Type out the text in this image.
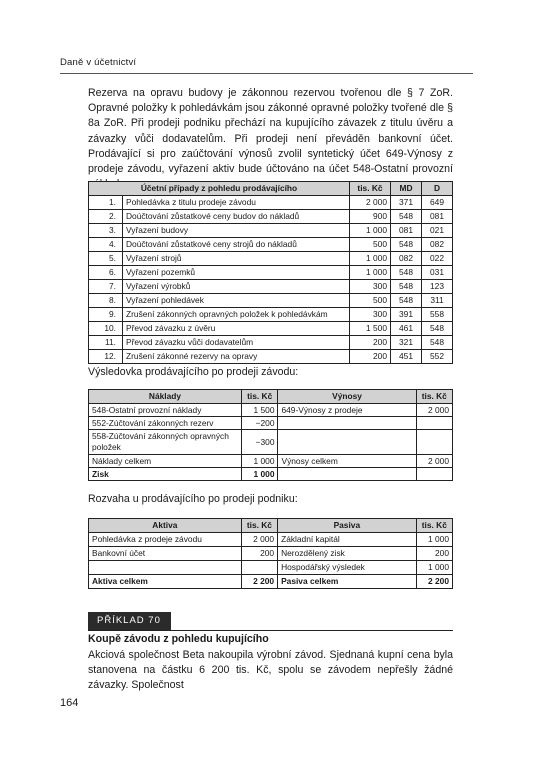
Daně v účetnictví

Rezerva na opravu budovy je zákonnou rezervou tvořenou dle § 7 ZoR. Opravné položky k pohledávkám jsou zákonné opravné položky tvořené dle § 8a ZoR. Při prodeji podniku přechází na kupujícího závazek z titulu úvěru a závazky vůči dodavatelům. Při prodeji není převáděn bankovní účet. Prodávající si pro zaúčtování výnosů zvolil syntetický účet 649-Výnosy z prodeje závodu, vyřazení aktiv bude účtováno na účet 548-Ostatní provozní

Účetní případy z pohledu prodávajícího		tis. Kč	MD	D
1.	Pohledávka z titulu prodeje závodu	2 000	371	649
2.	Doúčtování zůstatkové ceny budov do nákladů	900	548	081
3.	Vyřazení budovy	1 000	081	021
4.	Doúčtování zůstatkové ceny strojů do nákladů	500	548	082
5.	Vyřazení strojů	1 000	082	022
6.	Vyřazení pozemků	1 000	548	031
7.	Vyřazení výrobků	300	548	123
8.	Vyřazení pohledávek	500	548	311
9.	Zrušení zákonných opravných položek k pohledávkám	300	391	558
10.	Převod závazku z úvěru	1 500	461	548
11.	Převod závazku vůči dodavatelům	200	321	548
12.	Zrušení zákonné rezervy na opravy	200	451	552
Výsledovka prodávajícího po prodeji závodu:
Náklady	tis. Kč	Výnosy	tis. Kč
548-Ostatní provozní náklady	1 500	649-Výnosy z prodeje	2 000
552-Zúčtování zákonných rezerv	−200		
558-Zúčtování zákonných opravných položek	−300		
Náklady celkem	1 000	Výnosy celkem	2 000
Zisk	1 000		
Rozvaha u prodávajícího po prodeji podniku:
Aktiva	tis. Kč	Pasiva	tis. Kč
Pohledávka z prodeje závodu	2 000	Základní kapitál	1 000
Bankovní účet	200	Nerozdělený zisk	200
		Hospodářský výsledek	1 000
Aktiva celkem	2 200	Pasiva celkem	2 200
PŘÍKLAD 70
Koupě závodu z pohledu kupujícího

Akciová společnost Beta nakoupila výrobní závod. Sjednaná kupní cena byla stanovena na částku 6 200 tis. Kč, spolu se závodem nepřešly žádné závazky. Společnost

164
